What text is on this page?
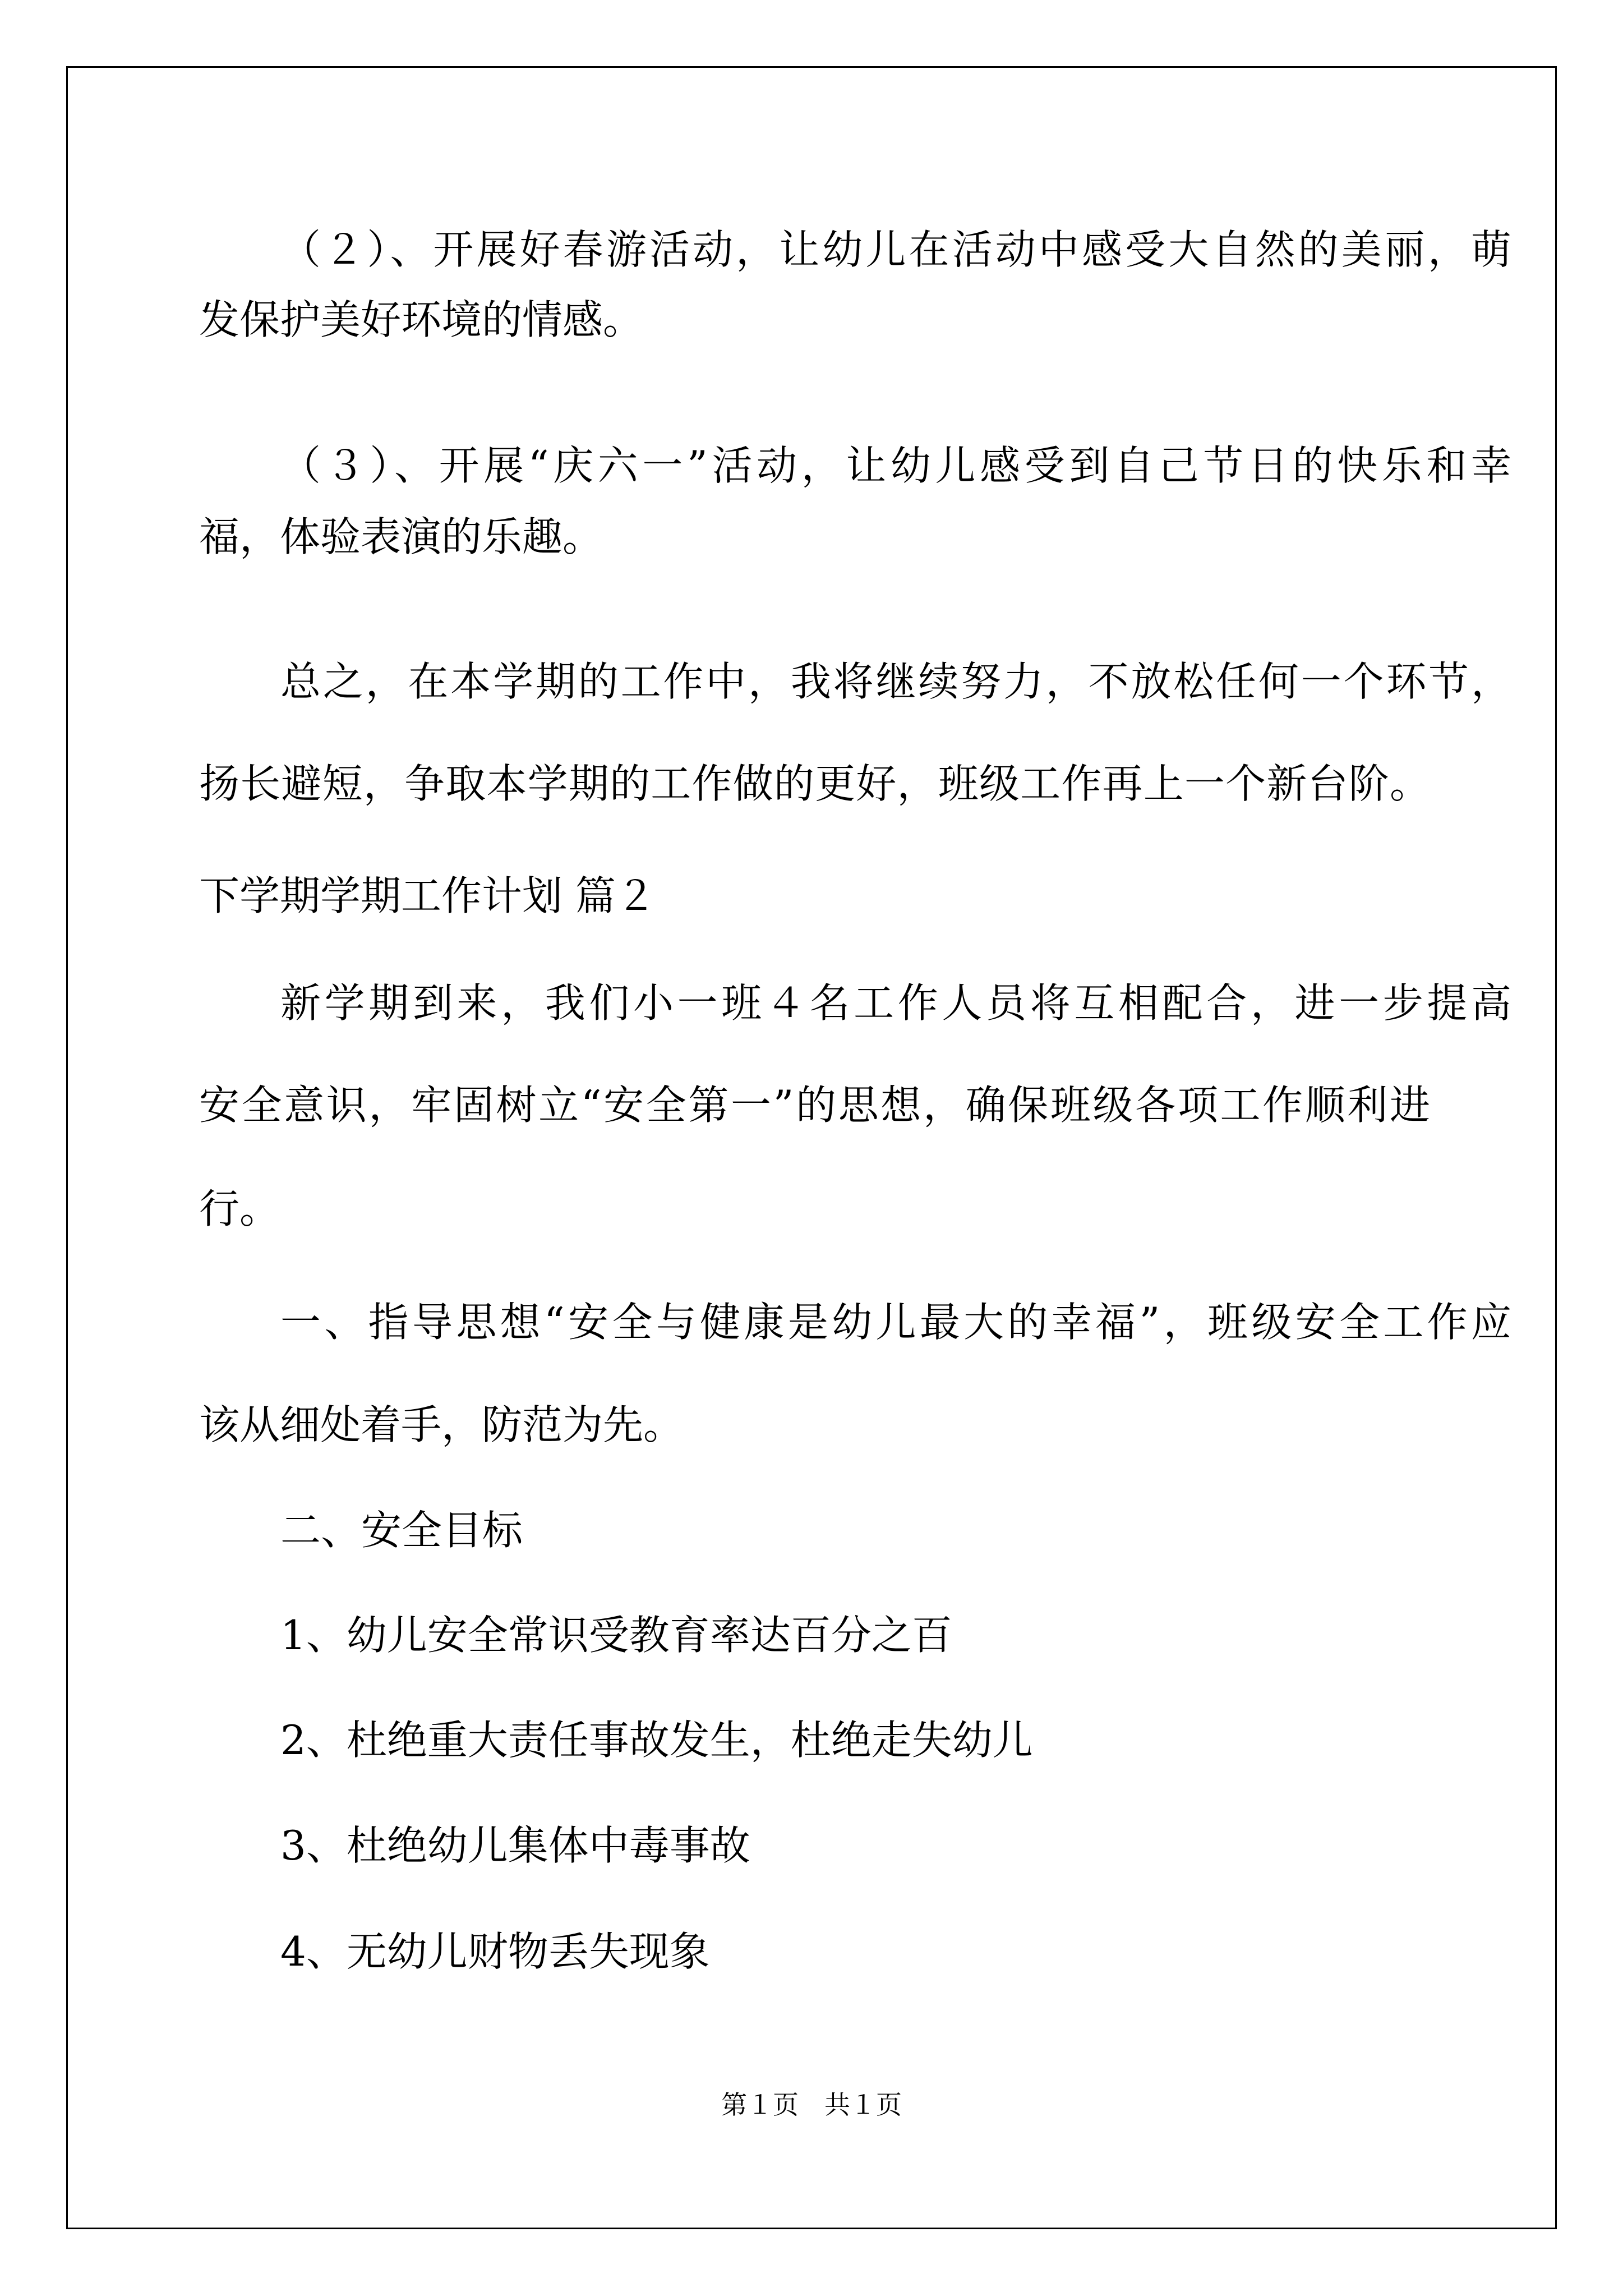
（２）、开展好春游活动，让幼儿在活动中感受大自然的美丽，萌
发保护美好环境的情感。
（３）、开展“庆六一”活动，让幼儿感受到自己节日的快乐和幸
福，体验表演的乐趣。
总之，在本学期的工作中，我将继续努力，不放松任何一个环节，
扬长避短，争取本学期的工作做的更好，班级工作再上一个新台阶。
下学期学期工作计划 篇２
新学期到来，我们小一班４名工作人员将互相配合，进一步提高
安全意识，牢固树立“安全第一”的思想，确保班级各项工作顺利进
行。
一、指导思想“安全与健康是幼儿最大的幸福”，班级安全工作应
该从细处着手，防范为先。
二、安全目标
1、幼儿安全常识受教育率达百分之百
2、杜绝重大责任事故发生，杜绝走失幼儿
3、杜绝幼儿集体中毒事故
4、无幼儿财物丢失现象
第１页　共１页
